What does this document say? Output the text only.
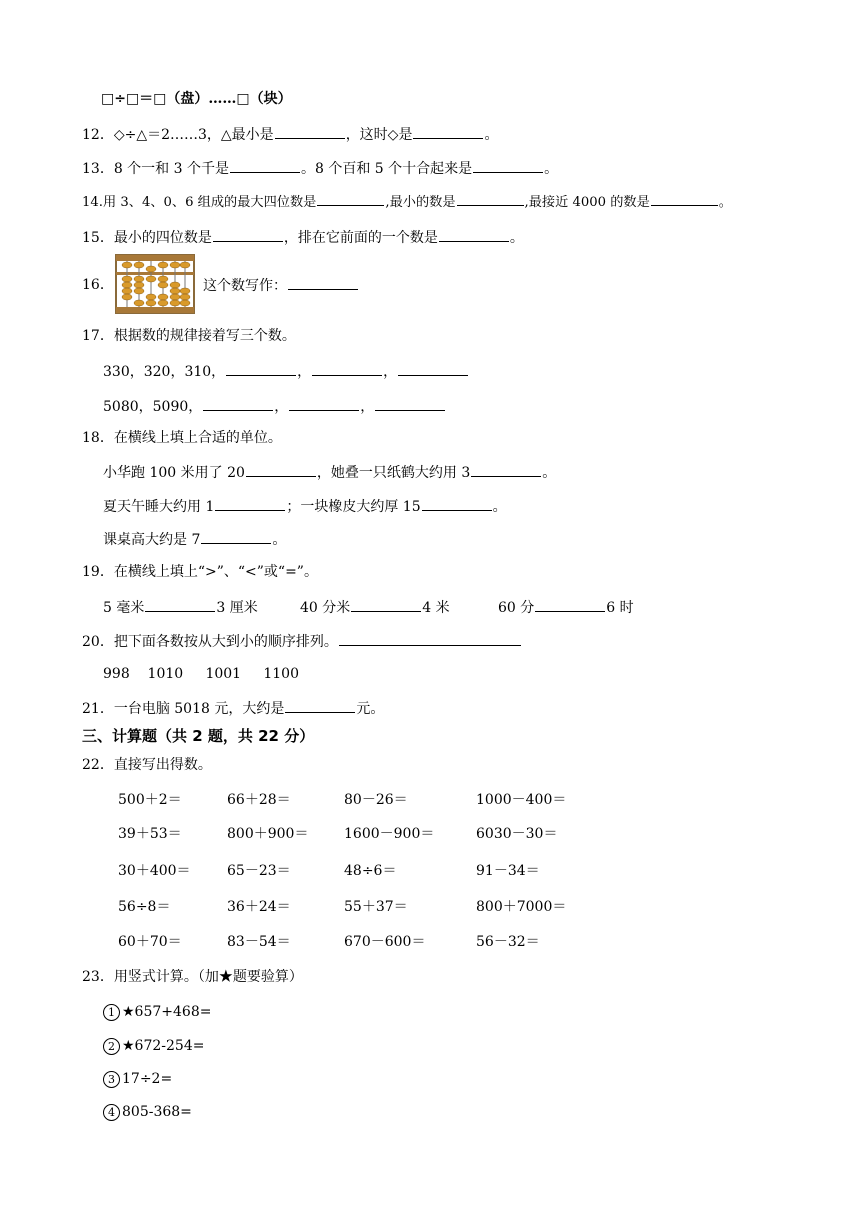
□÷□＝□（盘）……□（块）
12．◇÷△＝2……3，△最小是	，这时◇是	。
13．8 个一和 3 个千是	。8 个百和 5 个十合起来是	。
14.用 3、4、0、6 组成的最大四位数是	,最小的数是	,最接近 4000 的数是	。
15．最小的四位数是	，排在它前面的一个数是	。
16．	这个数写作：
17．根据数的规律接着写三个数。
330，320，310，	，	，
5080，5090，	，	，
18．在横线上填上合适的单位。
小华跑 100 米用了 20	，她叠一只纸鹤大约用 3	。
夏天午睡大约用 1	；一块橡皮大约厚 15	。
课桌高大约是 7	。
19．在横线上填上“>”、“<”或“=”。
5 毫米	3 厘米	40 分米	4 米	60 分	6 时
20．把下面各数按从大到小的顺序排列。
998 1010 1001 1100
21．一台电脑 5018 元，大约是	元。
三、计算题（共 2 题，共 22 分）
22．直接写出得数。
500＋2＝	66＋28＝	80－26＝	1000－400＝
39＋53＝	800＋900＝	1600－900＝	6030－30＝
30＋400＝	65－23＝	48÷6＝	91－34＝
56÷8＝	36＋24＝	55＋37＝	800＋7000＝
60＋70＝	83－54＝	670－600＝	56－32＝
23．用竖式计算。（加★题要验算）
1 ★657+468=
2 ★672-254=
3 17÷2=
4 805-368=
